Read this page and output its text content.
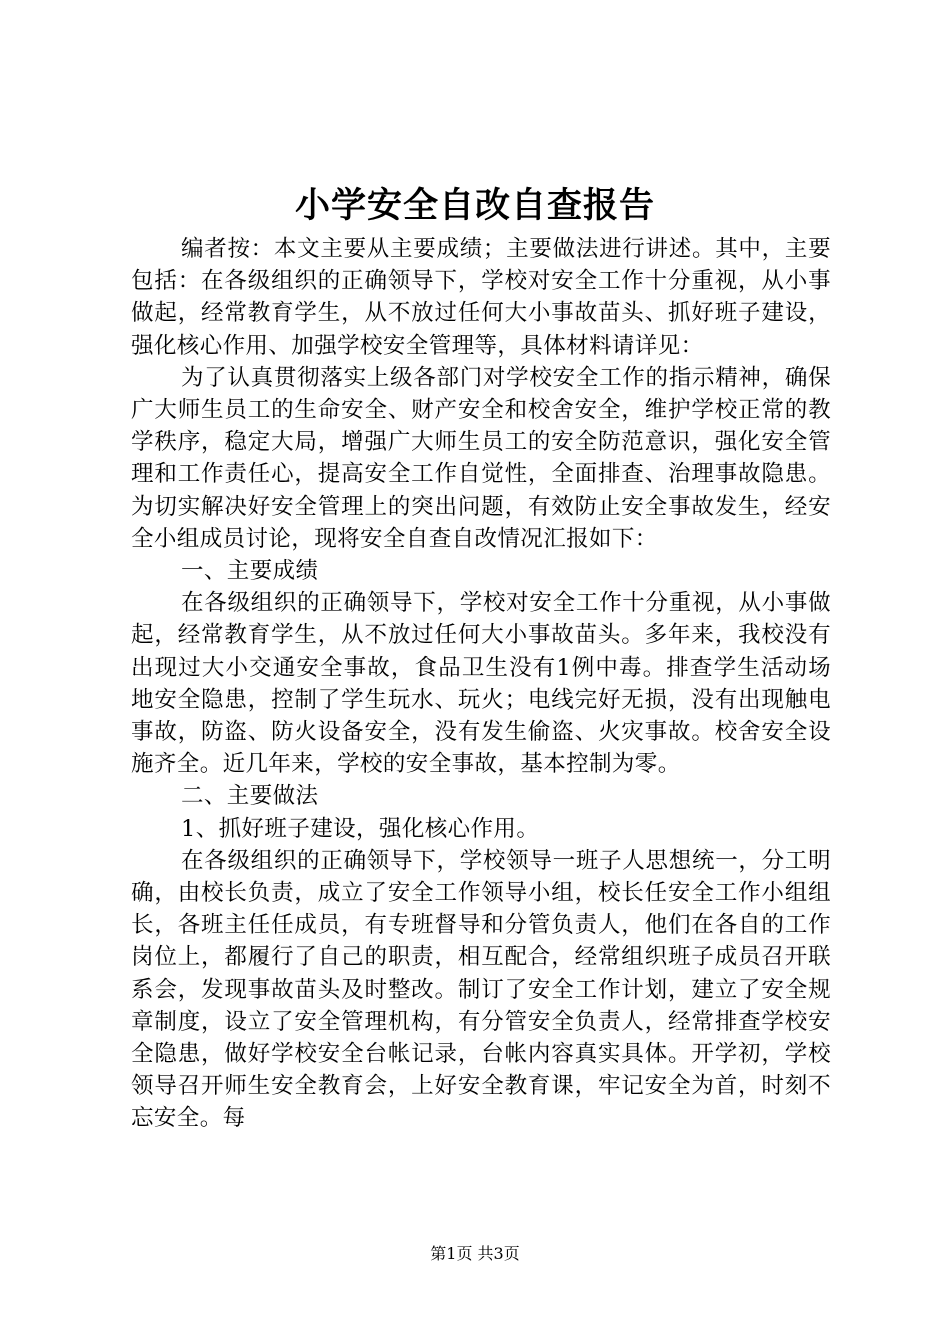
小学安全自改自查报告

编者按：本文主要从主要成绩；主要做法进行讲述。其中，主要包括：在各级组织的正确领导下，学校对安全工作十分重视，从小事做起，经常教育学生，从不放过任何大小事故苗头、抓好班子建设，强化核心作用、加强学校安全管理等，具体材料请详见：

为了认真贯彻落实上级各部门对学校安全工作的指示精神，确保广大师生员工的生命安全、财产安全和校舍安全，维护学校正常的教学秩序，稳定大局，增强广大师生员工的安全防范意识，强化安全管理和工作责任心，提高安全工作自觉性，全面排查、治理事故隐患。为切实解决好安全管理上的突出问题，有效防止安全事故发生，经安全小组成员讨论，现将安全自查自改情况汇报如下：

一、主要成绩

在各级组织的正确领导下，学校对安全工作十分重视，从小事做起，经常教育学生，从不放过任何大小事故苗头。多年来，我校没有出现过大小交通安全事故，食品卫生没有1例中毒。排查学生活动场地安全隐患，控制了学生玩水、玩火；电线完好无损，没有出现触电事故，防盗、防火设备安全，没有发生偷盗、火灾事故。校舍安全设施齐全。近几年来，学校的安全事故，基本控制为零。

二、主要做法

1、抓好班子建设，强化核心作用。

在各级组织的正确领导下，学校领导一班子人思想统一，分工明确，由校长负责，成立了安全工作领导小组，校长任安全工作小组组长，各班主任任成员，有专班督导和分管负责人，他们在各自的工作岗位上，都履行了自己的职责，相互配合，经常组织班子成员召开联系会，发现事故苗头及时整改。制订了安全工作计划，建立了安全规章制度，设立了安全管理机构，有分管安全负责人，经常排查学校安全隐患，做好学校安全台帐记录，台帐内容真实具体。开学初，学校领导召开师生安全教育会，上好安全教育课，牢记安全为首，时刻不忘安全。每

第1页 共3页
